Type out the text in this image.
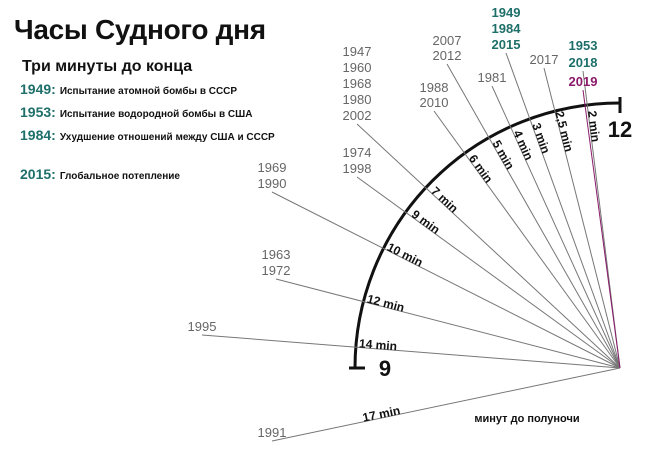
Часы Судного дня
Три минуты до конца
1949: Испытание атомной бомбы в СССР
1953: Испытание водородной бомбы в США
1984: Ухудшение отношений между США и СССР
2015: Глобальное потепление
12
9
минут до полуночи
1991
17 min
1995
14 min
1963
1972
12 min
1969
1990
10 min
1974
1998
9 min
1947
1960
1968
1980
2002
7 min
1988
2010
6 min
2007
2012
5 min
1981
4 min
1949
1984
2015
3 min
2017
2,5 min
1953
2018
2 min
2019
